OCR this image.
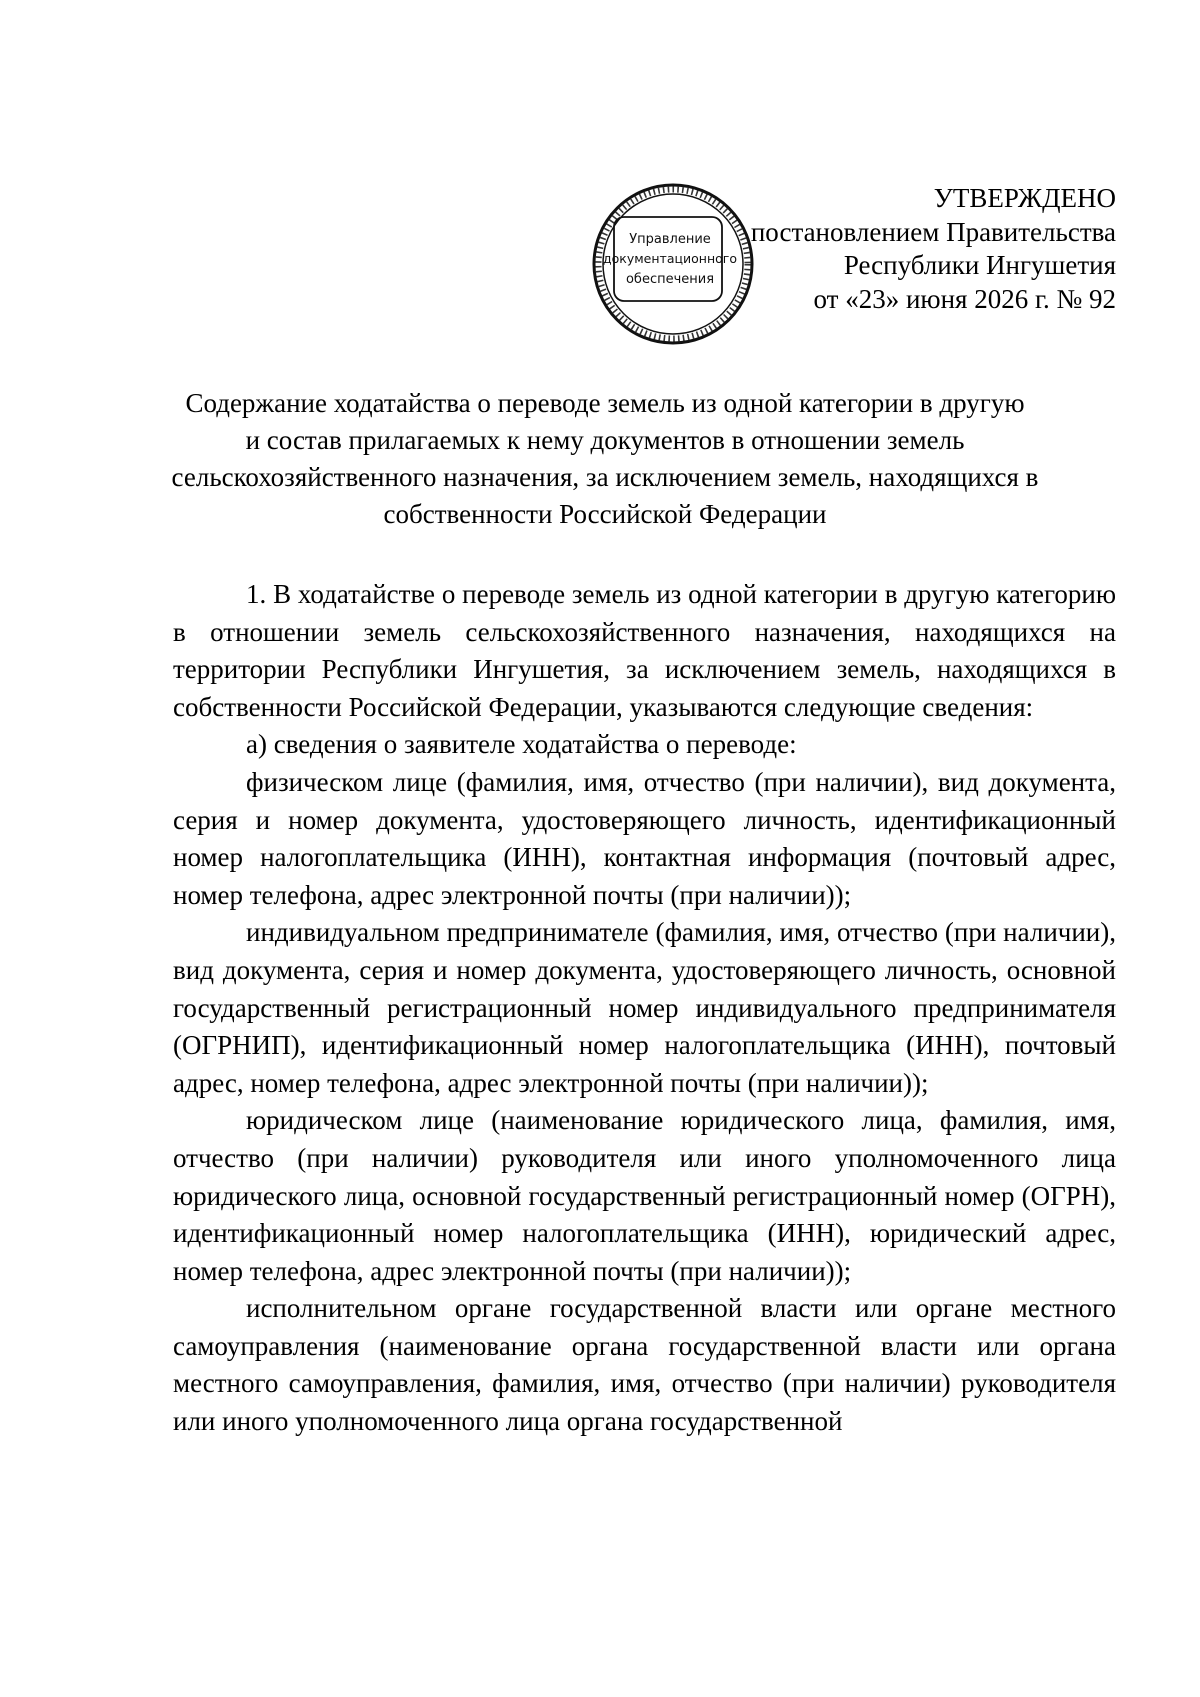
Управление
документационного
обеспечения
УТВЕРЖДЕНО
постановлением Правительства
Республики Ингушетия
от «23» июня 2026 г. № 92
Содержание ходатайства о переводе земель из одной категории в другую
и состав прилагаемых к нему документов в отношении земель
сельскохозяйственного назначения, за исключением земель, находящихся в
собственности Российской Федерации

1. В ходатайстве о переводе земель из одной категории в другую категорию в отношении земель сельскохозяйственного назначения, находящихся на территории Республики Ингушетия, за исключением земель, находящихся в собственности Российской Федерации, указываются следующие сведения:

а) сведения о заявителе ходатайства о переводе:

физическом лице (фамилия, имя, отчество (при наличии), вид документа, серия и номер документа, удостоверяющего личность, идентификационный номер налогоплательщика (ИНН), контактная информация (почтовый адрес, номер телефона, адрес электронной почты (при наличии));

индивидуальном предпринимателе (фамилия, имя, отчество (при наличии), вид документа, серия и номер документа, удостоверяющего личность, основной государственный регистрационный номер индивидуального предпринимателя (ОГРНИП), идентификационный номер налогоплательщика (ИНН), почтовый адрес, номер телефона, адрес электронной почты (при наличии));

юридическом лице (наименование юридического лица, фамилия, имя, отчество (при наличии) руководителя или иного уполномоченного лица юридического лица, основной государственный регистрационный номер (ОГРН), идентификационный номер налогоплательщика (ИНН), юридический адрес, номер телефона, адрес электронной почты (при наличии));

исполнительном органе государственной власти или органе местного самоуправления (наименование органа государственной власти или органа местного самоуправления, фамилия, имя, отчество (при наличии) руководителя или иного уполномоченного лица органа государственной
